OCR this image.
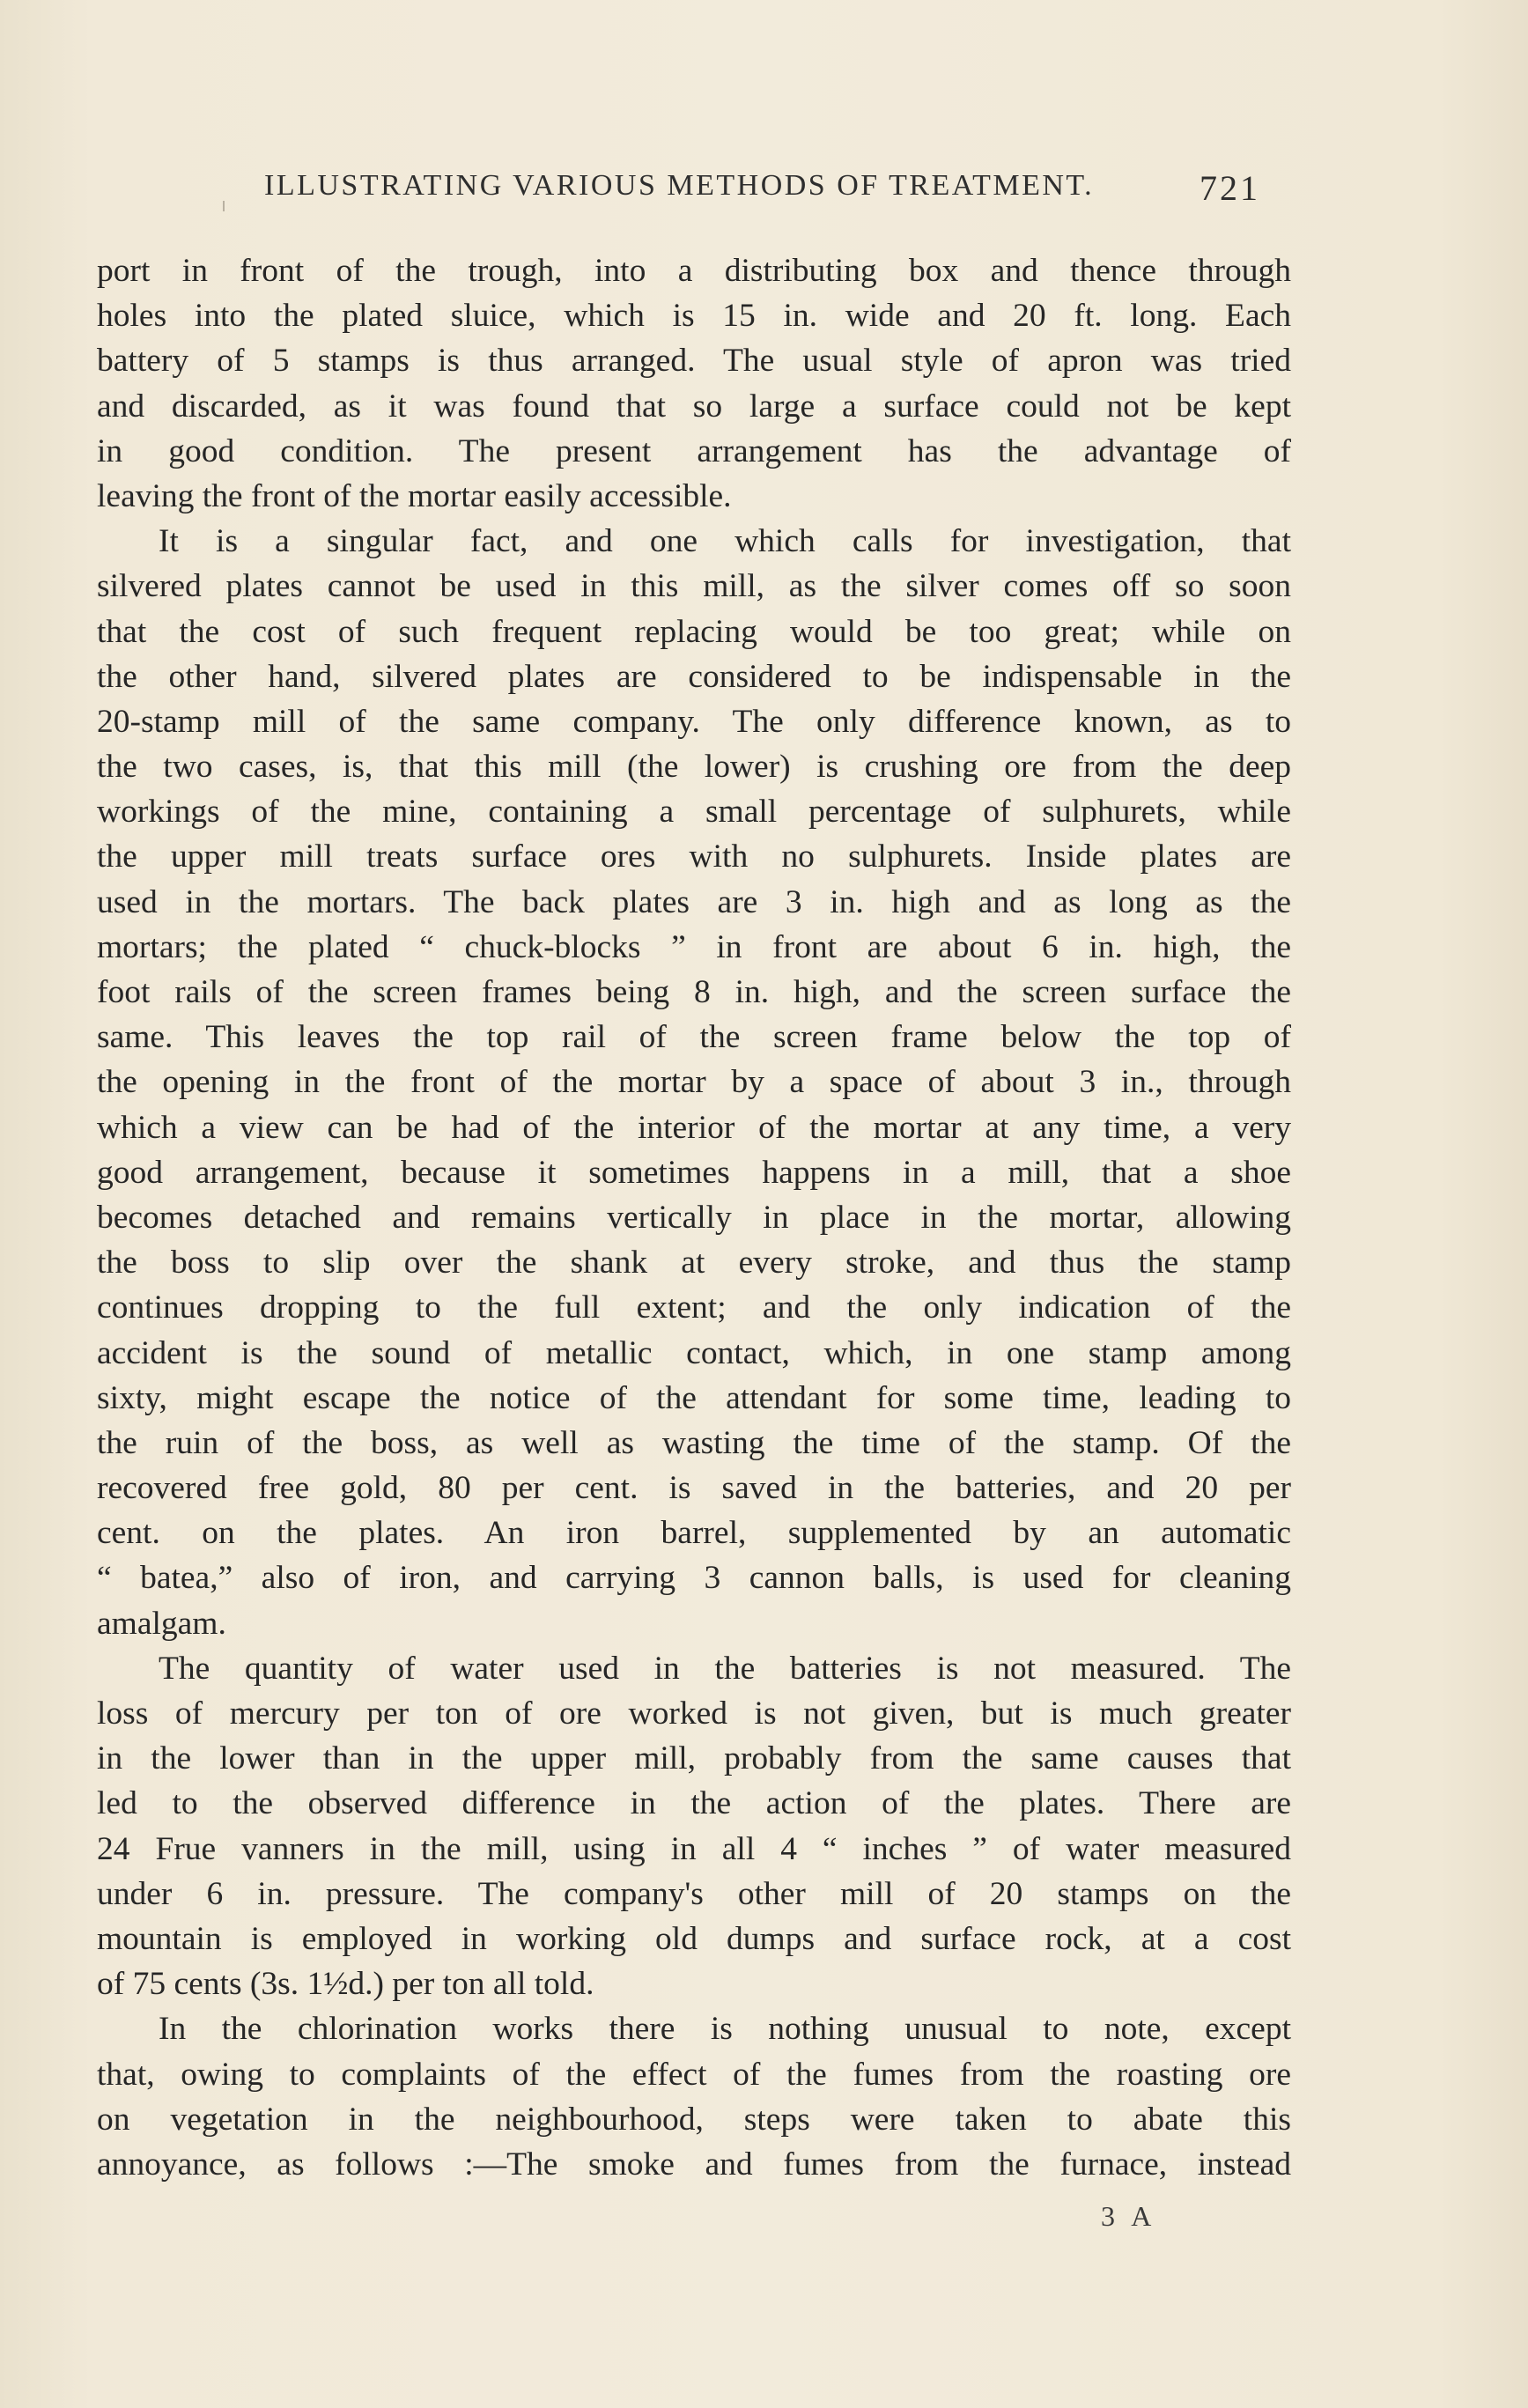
ILLUSTRATING VARIOUS METHODS OF TREATMENT.	721
port in front of the trough, into a distributing box and thence through
holes into the plated sluice, which is 15 in. wide and 20 ft. long. Each
battery of 5 stamps is thus arranged. The usual style of apron was tried
and discarded, as it was found that so large a surface could not be kept
in good condition. The present arrangement has the advantage of
leaving the front of the mortar easily accessible.
It is a singular fact, and one which calls for investigation, that
silvered plates cannot be used in this mill, as the silver comes off so soon
that the cost of such frequent replacing would be too great; while on
the other hand, silvered plates are considered to be indispensable in the
20-stamp mill of the same company. The only difference known, as to
the two cases, is, that this mill (the lower) is crushing ore from the deep
workings of the mine, containing a small percentage of sulphurets, while
the upper mill treats surface ores with no sulphurets. Inside plates are
used in the mortars. The back plates are 3 in. high and as long as the
mortars; the plated “ chuck-blocks ” in front are about 6 in. high, the
foot rails of the screen frames being 8 in. high, and the screen surface the
same. This leaves the top rail of the screen frame below the top of
the opening in the front of the mortar by a space of about 3 in., through
which a view can be had of the interior of the mortar at any time, a very
good arrangement, because it sometimes happens in a mill, that a shoe
becomes detached and remains vertically in place in the mortar, allowing
the boss to slip over the shank at every stroke, and thus the stamp
continues dropping to the full extent; and the only indication of the
accident is the sound of metallic contact, which, in one stamp among
sixty, might escape the notice of the attendant for some time, leading to
the ruin of the boss, as well as wasting the time of the stamp. Of the
recovered free gold, 80 per cent. is saved in the batteries, and 20 per
cent. on the plates. An iron barrel, supplemented by an automatic
“ batea,” also of iron, and carrying 3 cannon balls, is used for cleaning
amalgam.
The quantity of water used in the batteries is not measured. The
loss of mercury per ton of ore worked is not given, but is much greater
in the lower than in the upper mill, probably from the same causes that
led to the observed difference in the action of the plates. There are
24 Frue vanners in the mill, using in all 4 “ inches ” of water measured
under 6 in. pressure. The company's other mill of 20 stamps on the
mountain is employed in working old dumps and surface rock, at a cost
of 75 cents (3s. 1½d.) per ton all told.
In the chlorination works there is nothing unusual to note, except
that, owing to complaints of the effect of the fumes from the roasting ore
on vegetation in the neighbourhood, steps were taken to abate this
annoyance, as follows :—The smoke and fumes from the furnace, instead
3 A
